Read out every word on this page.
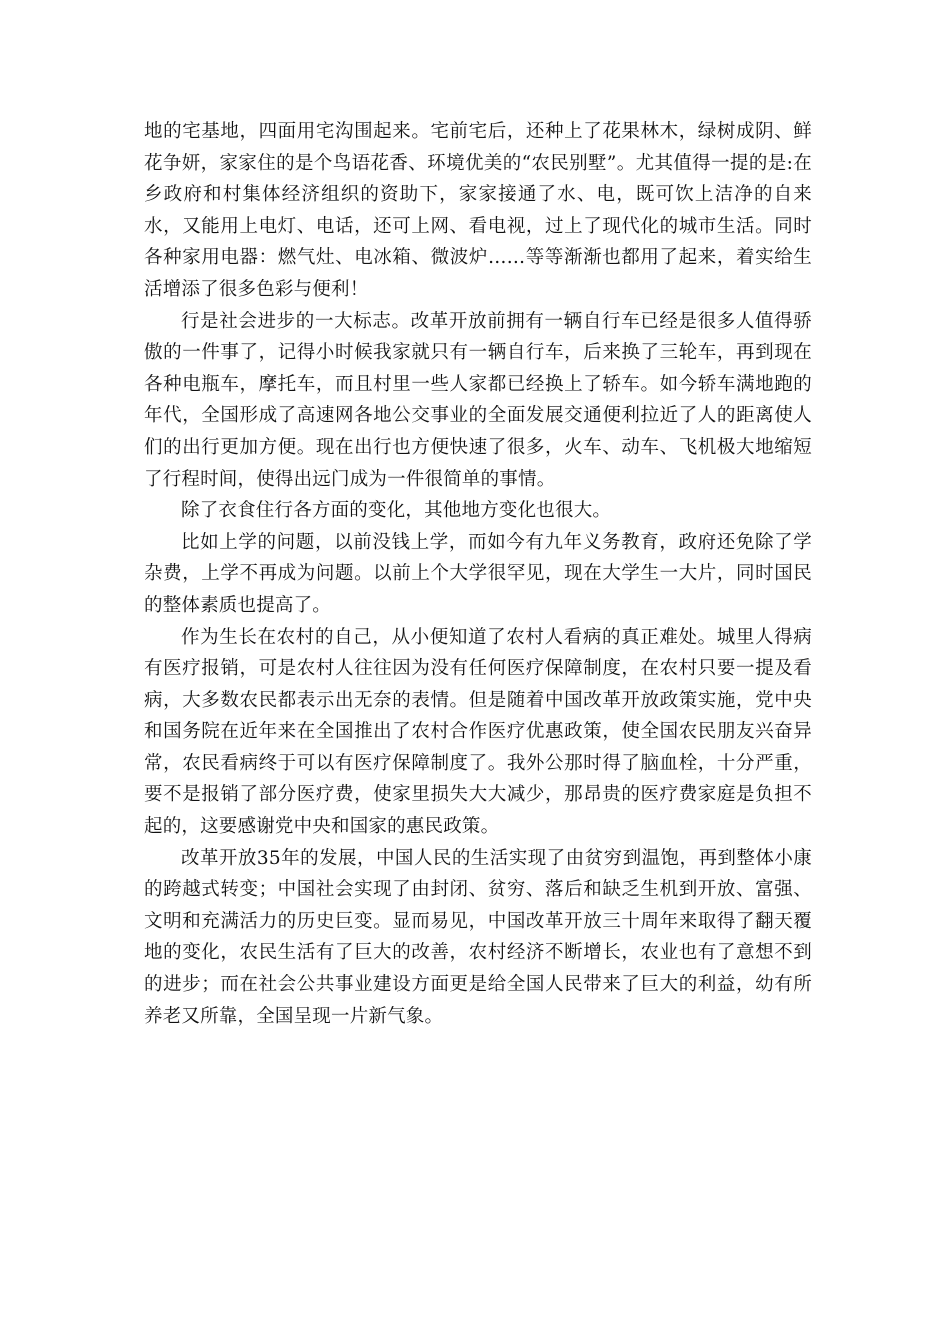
地的宅基地，四面用宅沟围起来。宅前宅后，还种上了花果林木，绿树成阴、鲜花争妍，家家住的是个鸟语花香、环境优美的“农民别墅”。尤其值得一提的是:在乡政府和村集体经济组织的资助下，家家接通了水、电，既可饮上洁净的自来水，又能用上电灯、电话，还可上网、看电视，过上了现代化的城市生活。同时各种家用电器：燃气灶、电冰箱、微波炉……等等渐渐也都用了起来，着实给生活增添了很多色彩与便利！

行是社会进步的一大标志。改革开放前拥有一辆自行车已经是很多人值得骄傲的一件事了，记得小时候我家就只有一辆自行车，后来换了三轮车，再到现在各种电瓶车，摩托车，而且村里一些人家都已经换上了轿车。如今轿车满地跑的年代，全国形成了高速网各地公交事业的全面发展交通便利拉近了人的距离使人们的出行更加方便。现在出行也方便快速了很多，火车、动车、飞机极大地缩短了行程时间，使得出远门成为一件很简单的事情。

除了衣食住行各方面的变化，其他地方变化也很大。

比如上学的问题，以前没钱上学，而如今有九年义务教育，政府还免除了学杂费，上学不再成为问题。以前上个大学很罕见，现在大学生一大片，同时国民的整体素质也提高了。

作为生长在农村的自己，从小便知道了农村人看病的真正难处。城里人得病有医疗报销，可是农村人往往因为没有任何医疗保障制度，在农村只要一提及看病，大多数农民都表示出无奈的表情。但是随着中国改革开放政策实施，党中央和国务院在近年来在全国推出了农村合作医疗优惠政策，使全国农民朋友兴奋异常，农民看病终于可以有医疗保障制度了。我外公那时得了脑血栓，十分严重，要不是报销了部分医疗费，使家里损失大大减少，那昂贵的医疗费家庭是负担不起的，这要感谢党中央和国家的惠民政策。

改革开放35年的发展，中国人民的生活实现了由贫穷到温饱，再到整体小康的跨越式转变；中国社会实现了由封闭、贫穷、落后和缺乏生机到开放、富强、文明和充满活力的历史巨变。显而易见，中国改革开放三十周年来取得了翻天覆地的变化，农民生活有了巨大的改善，农村经济不断增长，农业也有了意想不到的进步；而在社会公共事业建设方面更是给全国人民带来了巨大的利益，幼有所养老又所靠，全国呈现一片新气象。
